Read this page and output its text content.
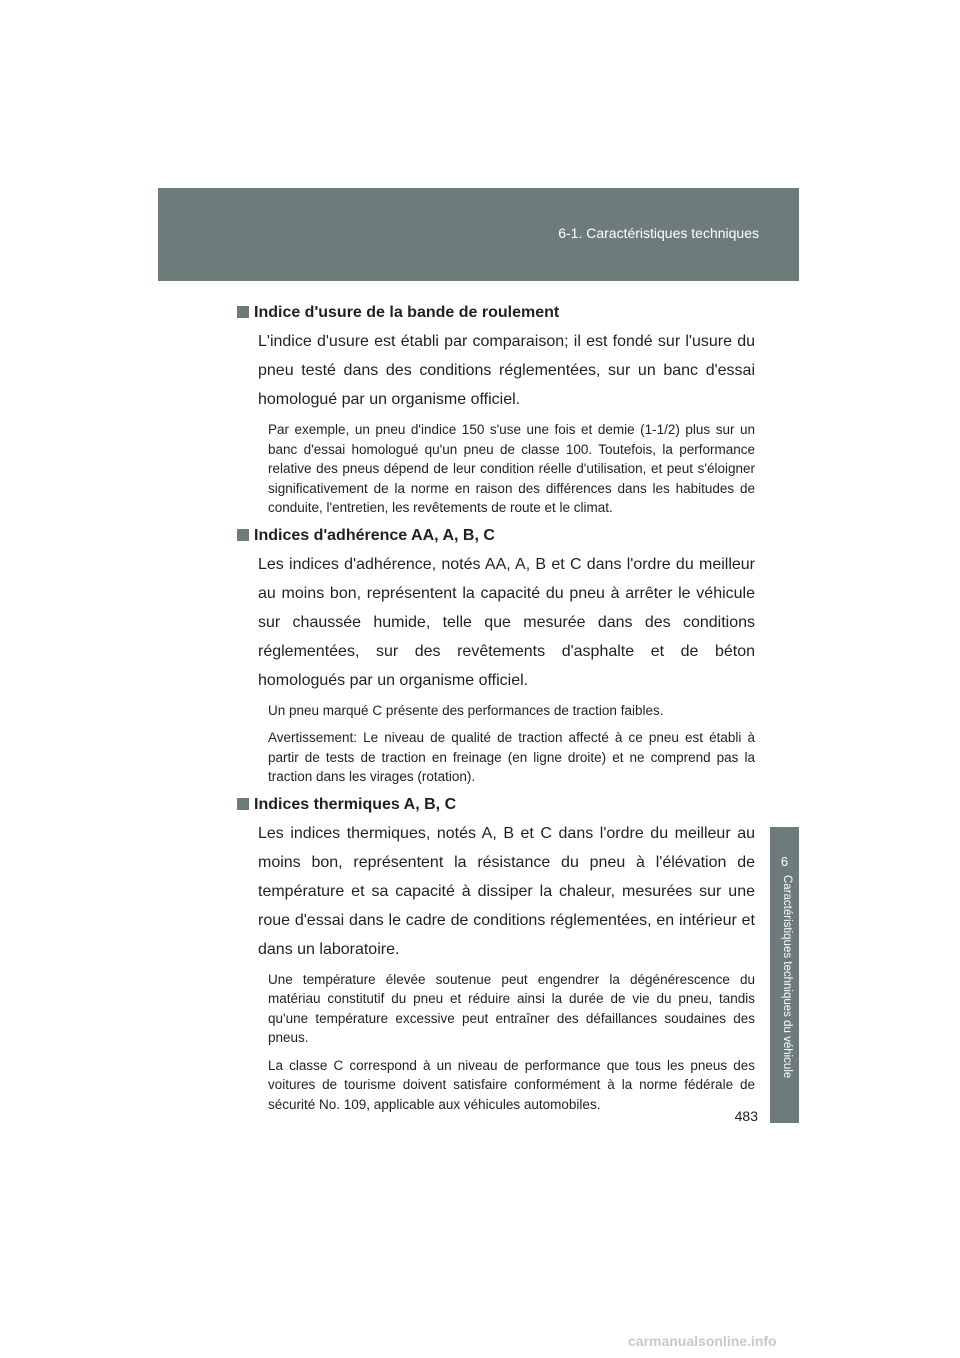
6-1. Caractéristiques techniques
6
Caractéristiques techniques du véhicule
Indice d'usure de la bande de roulement

L'indice d'usure est établi par comparaison; il est fondé sur l'usure du pneu testé dans des conditions réglementées, sur un banc d'essai homologué par un organisme officiel.

Par exemple, un pneu d'indice 150 s'use une fois et demie (1-1/2) plus sur un banc d'essai homologué qu'un pneu de classe 100. Toutefois, la performance relative des pneus dépend de leur condition réelle d'utilisation, et peut s'éloigner significativement de la norme en raison des différences dans les habitudes de conduite, l'entretien, les revêtements de route et le climat.

Indices d'adhérence AA, A, B, C

Les indices d'adhérence, notés AA, A, B et C dans l'ordre du meilleur au moins bon, représentent la capacité du pneu à arrêter le véhicule sur chaussée humide, telle que mesurée dans des conditions réglementées, sur des revêtements d'asphalte et de béton homologués par un organisme officiel.

Un pneu marqué C présente des performances de traction faibles.

Avertissement: Le niveau de qualité de traction affecté à ce pneu est établi à partir de tests de traction en freinage (en ligne droite) et ne comprend pas la traction dans les virages (rotation).

Indices thermiques A, B, C

Les indices thermiques, notés A, B et C dans l'ordre du meilleur au moins bon, représentent la résistance du pneu à l'élévation de température et sa capacité à dissiper la chaleur, mesurées sur une roue d'essai dans le cadre de conditions réglementées, en intérieur et dans un laboratoire.

Une température élevée soutenue peut engendrer la dégénérescence du matériau constitutif du pneu et réduire ainsi la durée de vie du pneu, tandis qu'une température excessive peut entraîner des défaillances soudaines des pneus.

La classe C correspond à un niveau de performance que tous les pneus des voitures de tourisme doivent satisfaire conformément à la norme fédérale de sécurité No. 109, applicable aux véhicules automobiles.

483
carmanualsonline.info
